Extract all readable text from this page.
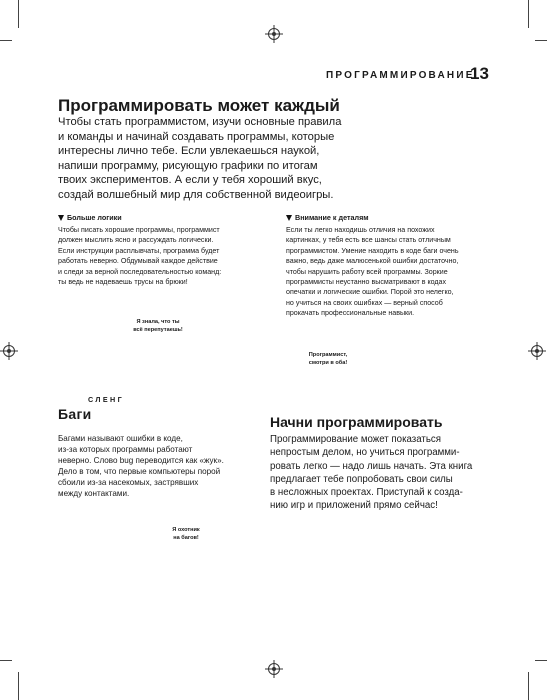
ПРОГРАММИРОВАНИЕ
13
Программировать может каждый
Чтобы стать программистом, изучи основные правила
и команды и начинай создавать программы, которые
интересны лично тебе. Если увлекаешься наукой,
напиши программу, рисующую графики по итогам
твоих экспериментов. А если у тебя хороший вкус,
создай волшебный мир для собственной видеоигры.
Больше логики
Чтобы писать хорошие программы, программист
должен мыслить ясно и рассуждать логически.
Если инструкции расплывчаты, программа будет
работать неверно. Обдумывай каждое действие
и следи за верной последовательностью команд:
ты ведь не надеваешь трусы на брюки!
Внимание к деталям
Если ты легко находишь отличия на похожих
картинках, у тебя есть все шансы стать отличным
программистом. Умение находить в коде баги очень
важно, ведь даже малюсенькой ошибки достаточно,
чтобы нарушить работу всей программы. Зоркие
программисты неустанно высматривают в кодах
опечатки и логические ошибки. Порой это нелегко,
но учиться на своих ошибках — верный способ
прокачать профессиональные навыки.
Я знала, что ты
всё перепутаешь!
Программист,
смотри в оба!
Я охотник
на багов!
СЛЕНГ
Баги
Багами называют ошибки в коде,
из-за которых программы работают
неверно. Слово bug переводится как «жук».
Дело в том, что первые компьютеры порой
сбоили из-за насекомых, застрявших
между контактами.
Начни программировать
Программирование может показаться
непростым делом, но учиться программи-
ровать легко — надо лишь начать. Эта книга
предлагает тебе попробовать свои силы
в несложных проектах. Приступай к созда-
нию игр и приложений прямо сейчас!
